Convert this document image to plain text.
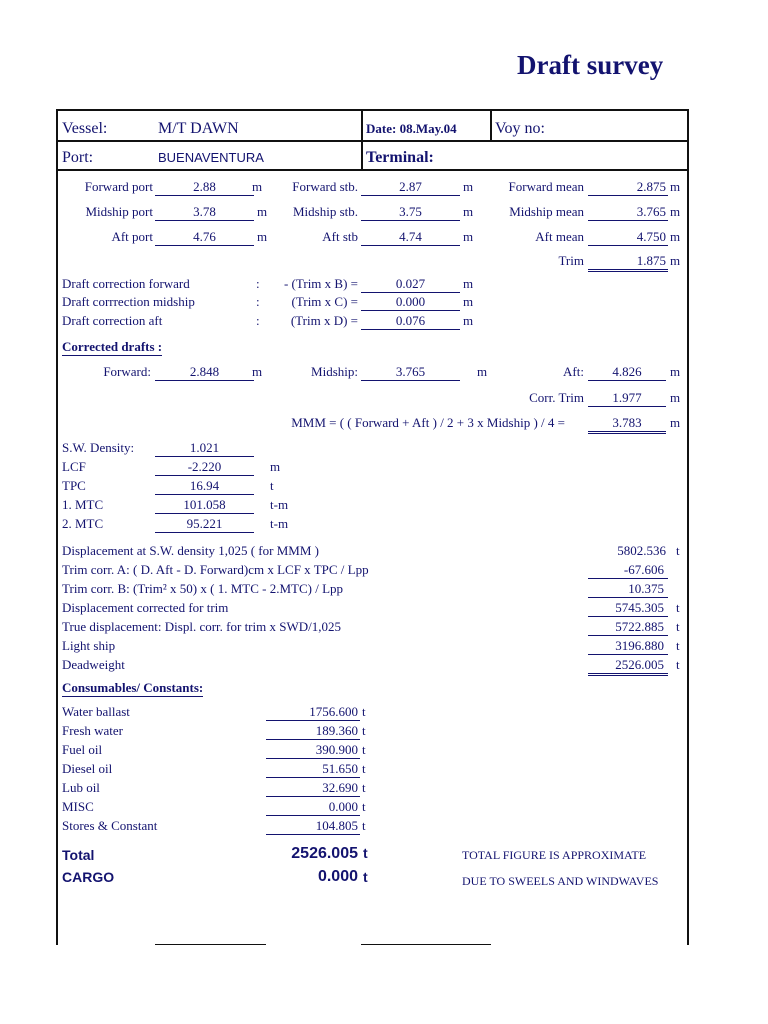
Draft survey
Vessel:	M/T DAWN	Date: 08.May.04 Voy no:
Port:	BUENAVENTURA	Terminal:
Forward port	2.88	m	Forward stb.	2.87	m	Forward mean	2.875 m
Midship port	3.78	m	Midship stb.	3.75	m	Midship mean	3.765 m
Aft port	4.76	m	Aft stb	4.74	m	Aft mean	4.750 m
Trim	1.875 m
Draft correction forward	:	- (Trim x B) =	0.027	m
Draft corrrection midship	:	(Trim x C) =	0.000	m
Draft correction aft	:	(Trim x D) =	0.076	m
Corrected drafts :
Forward:	2.848	m	Midship:	3.765	m	Aft:	4.826	m
Corr. Trim	1.977	m
MMM = ( ( Forward + Aft ) / 2 + 3 x Midship ) / 4 =	3.783	m
S.W. Density:	1.021
LCF	-2.220	m
TPC	16.94	t
1. MTC	101.058	t-m
2. MTC	95.221	t-m
Displacement at S.W. density 1,025 ( for MMM )	5802.536 t
Trim corr. A: ( D. Aft - D. Forward)cm x LCF x TPC / Lpp	-67.606
Trim corr. B: (Trim² x 50) x ( 1. MTC - 2.MTC) / Lpp	10.375
Displacement corrected for trim	5745.305 t
True displacement: Displ. corr. for trim x SWD/1,025	5722.885 t
Light ship	3196.880 t
Deadweight	2526.005 t
Consumables/ Constants:
Water ballast	1756.600 t
Fresh water	189.360 t
Fuel oil	390.900 t
Diesel oil	51.650 t
Lub oil	32.690 t
MISC	0.000 t
Stores & Constant	104.805 t
Total	2526.005 t
CARGO	0.000 t
TOTAL FIGURE IS APPROXIMATE
DUE TO SWEELS AND WINDWAVES
